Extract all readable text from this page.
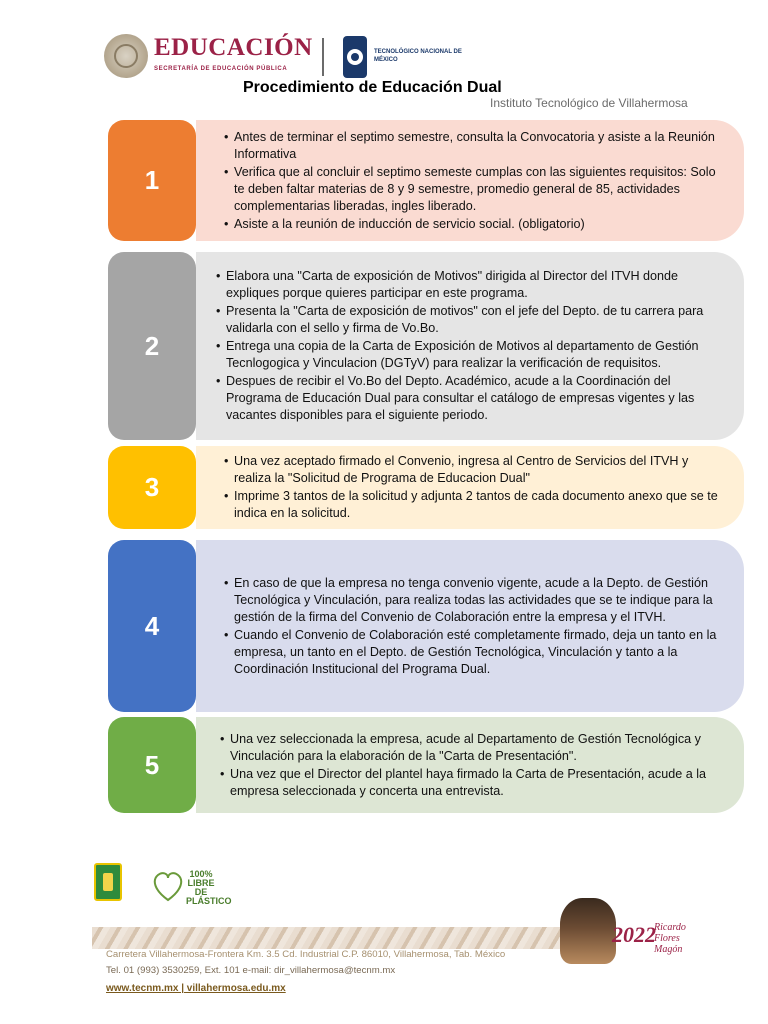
EDUCACIÓN
SECRETARÍA DE EDUCACIÓN PÚBLICA
TECNOLÓGICO NACIONAL DE MÉXICO
Procedimiento de Educación Dual
Instituto Tecnológico de Villahermosa
1
• Antes de terminar el septimo semestre, consulta la Convocatoria y asiste a la Reunión Informativa
• Verifica que al concluir el septimo semeste cumplas con las siguientes requisitos: Solo te deben faltar materias de 8 y 9 semestre, promedio general de 85, actividades complementarias liberadas, ingles liberado.
• Asiste a la reunión de inducción de servicio social. (obligatorio)
2
• Elabora una "Carta de exposición de Motivos" dirigida al Director del ITVH donde expliques porque quieres participar en este programa.
• Presenta la "Carta de exposición de motivos" con el jefe del Depto. de tu carrera para validarla con el sello y firma de Vo.Bo.
• Entrega una copia de la Carta de Exposición de Motivos al departamento de Gestión Tecnlogogica y Vinculacion (DGTyV) para realizar la verificación de requisitos.
• Despues de recibir el Vo.Bo del Depto. Académico, acude a la Coordinación del Programa de Educación Dual para consultar el catálogo de empresas vigentes y las vacantes disponibles para el siguiente periodo.
3
• Una vez aceptado firmado el Convenio, ingresa al Centro de Servicios del ITVH y realiza la "Solicitud de Programa de Educacion Dual"
• Imprime 3 tantos de la solicitud y adjunta 2 tantos de cada documento anexo que se te indica en la solicitud.
4
• En caso de que la empresa no tenga convenio vigente, acude a la Depto. de Gestión Tecnológica y Vinculación, para realiza todas las actividades que se te indique para la gestión de la firma del Convenio de Colaboración entre la empresa y el ITVH.
• Cuando el Convenio de Colaboración esté completamente firmado, deja un tanto en la empresa, un tanto en el Depto. de Gestión Tecnológica, Vinculación y tanto a la Coordinación Institucional del Programa Dual.
5
• Una vez seleccionada la empresa, acude al Departamento de Gestión Tecnológica y Vinculación para la elaboración de la "Carta de Presentación".
• Una vez que el Director del plantel haya firmado la Carta de Presentación, acude a la empresa seleccionada y concerta una entrevista.
100% LIBRE DE PLÁSTICO
Carretera Villahermosa-Frontera Km. 3.5 Cd. Industrial C.P. 86010, Villahermosa, Tab. México
Tel. 01 (993) 3530259, Ext. 101 e-mail: dir_villahermosa@tecnm.mx
www.tecnm.mx | villahermosa.edu.mx
2022
Ricardo Flores Magón
